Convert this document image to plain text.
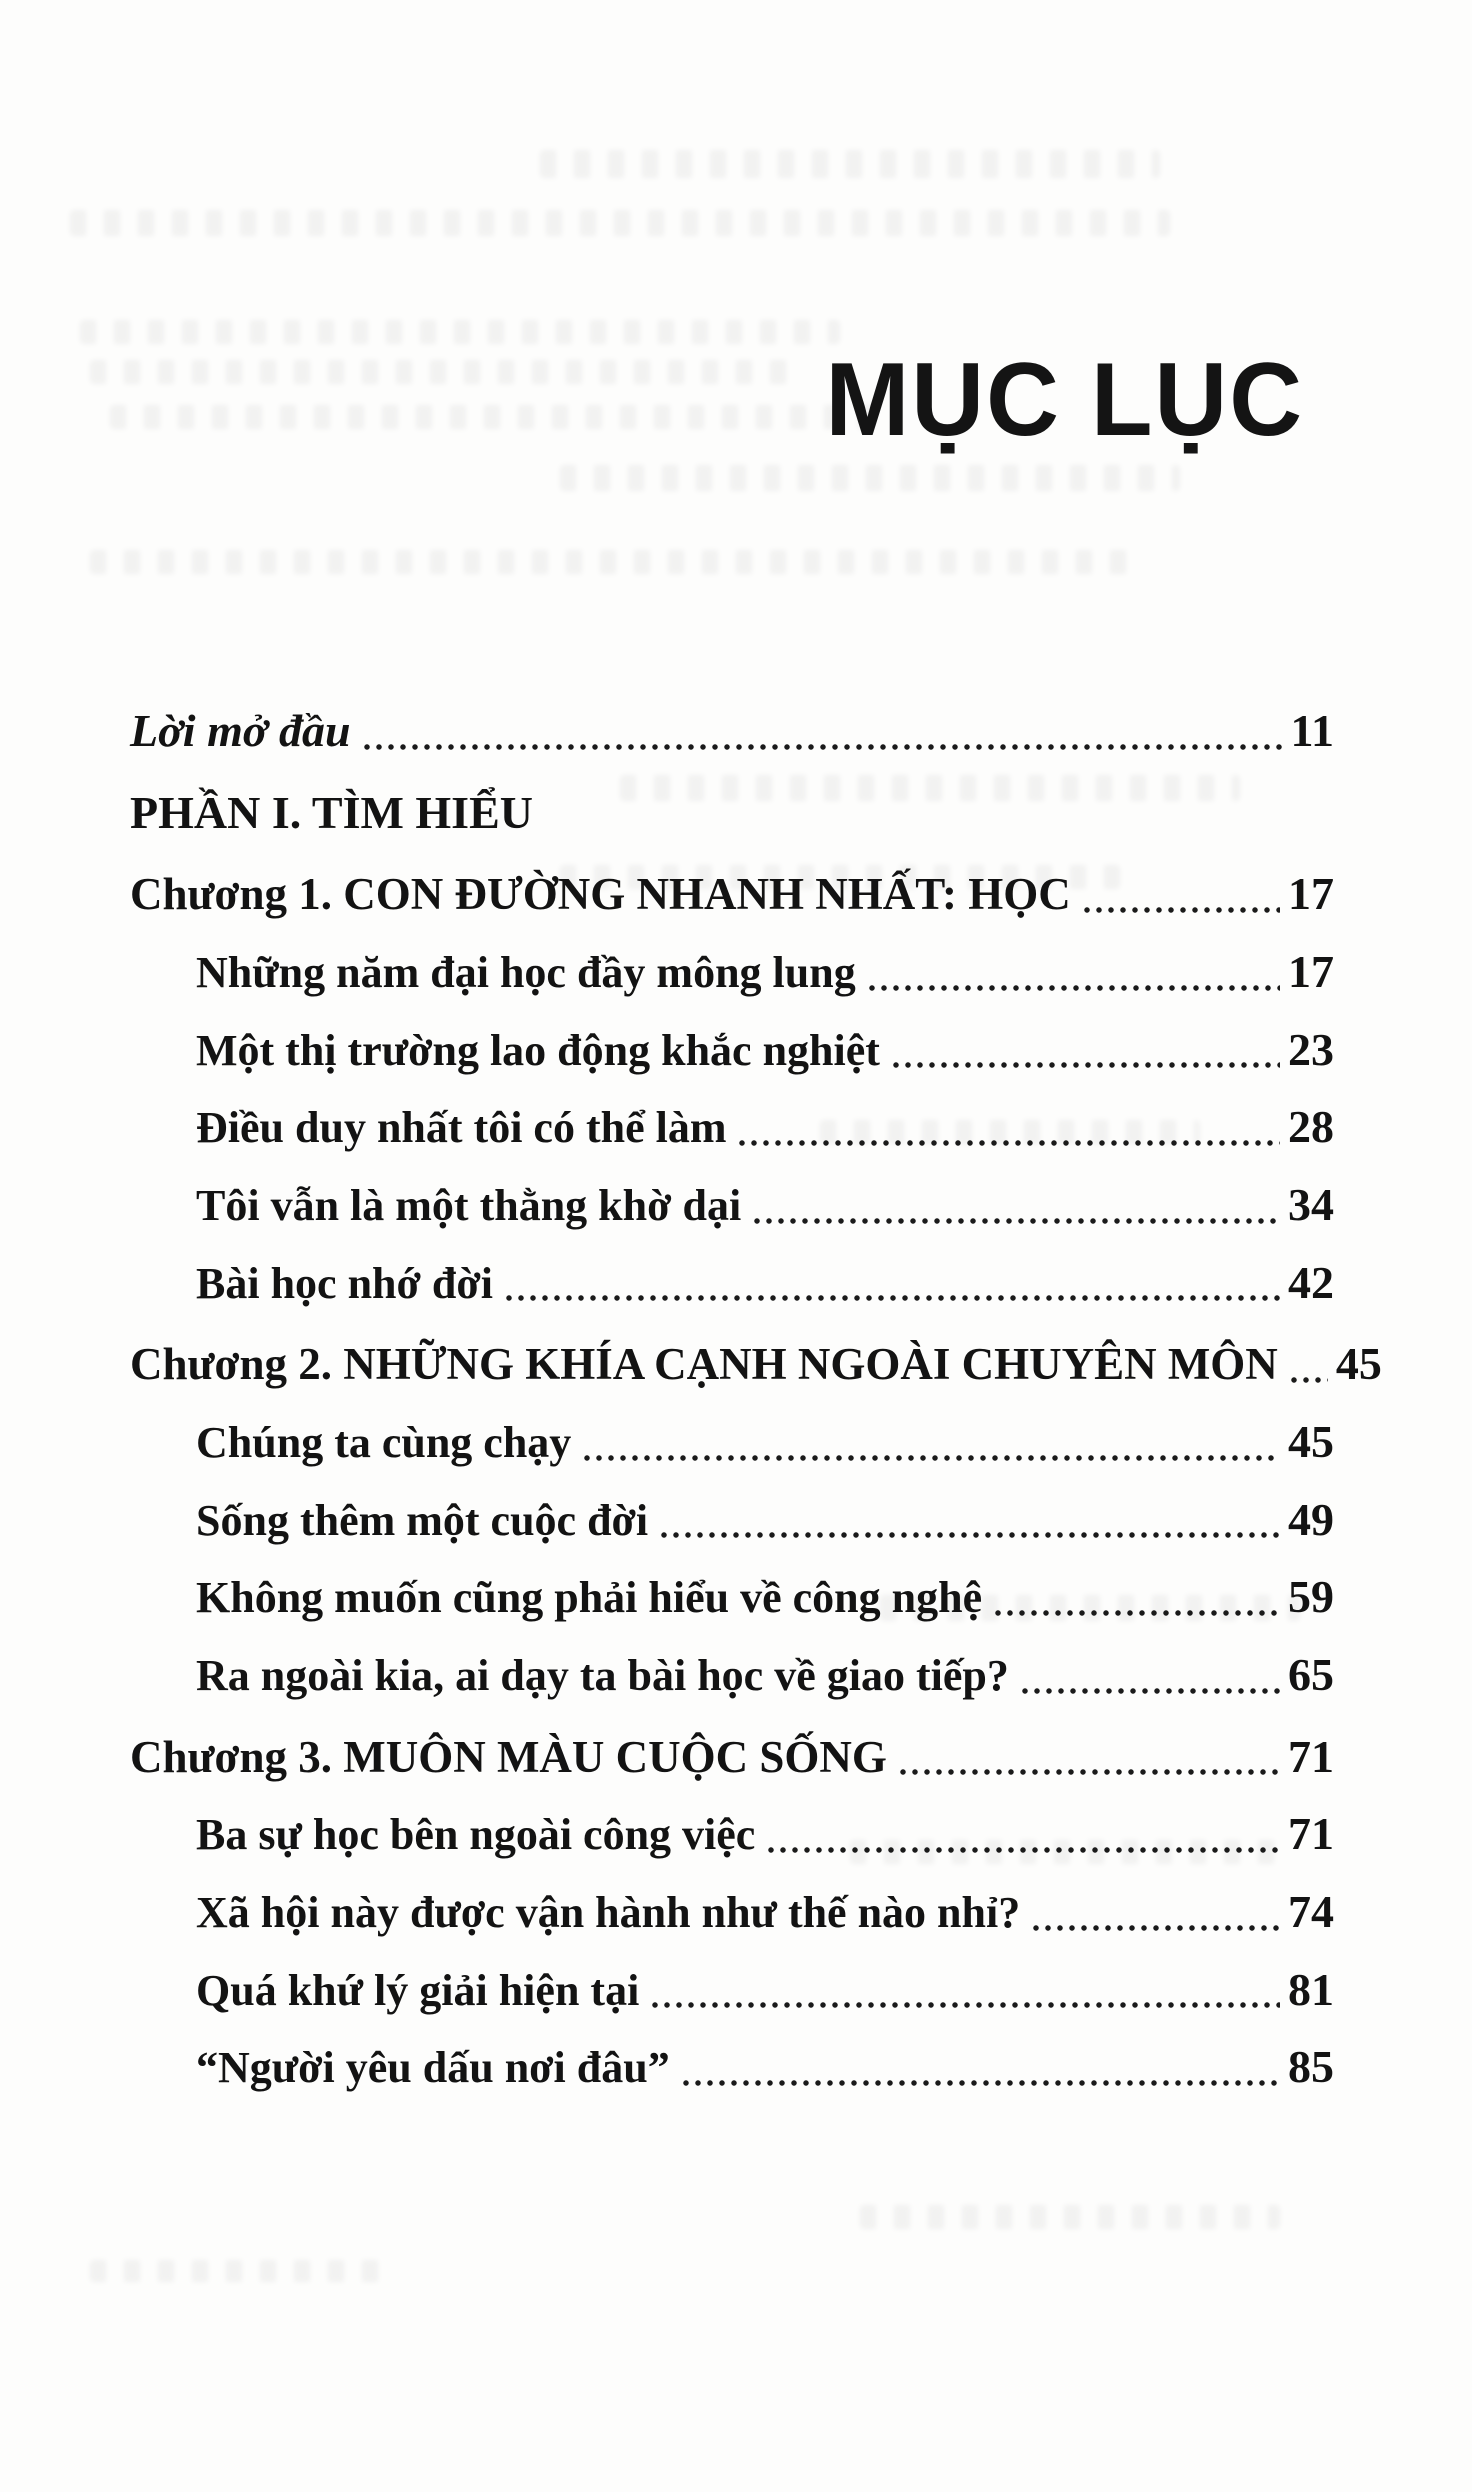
MỤC LỤC
Lời mở đầu	11
PHẦN I. TÌM HIỂU
Chương 1. CON ĐƯỜNG NHANH NHẤT: HỌC	17
Những năm đại học đầy mông lung	17
Một thị trường lao động khắc nghiệt	23
Điều duy nhất tôi có thể làm	28
Tôi vẫn là một thằng khờ dại	34
Bài học nhớ đời	42
Chương 2. NHỮNG KHÍA CẠNH NGOÀI CHUYÊN MÔN 45
Chúng ta cùng chạy	45
Sống thêm một cuộc đời	49
Không muốn cũng phải hiểu về công nghệ	59
Ra ngoài kia, ai dạy ta bài học về giao tiếp?	65
Chương 3. MUÔN MÀU CUỘC SỐNG	71
Ba sự học bên ngoài công việc	71
Xã hội này được vận hành như thế nào nhỉ?	74
Quá khứ lý giải hiện tại	81
“Người yêu dấu nơi đâu”	85
